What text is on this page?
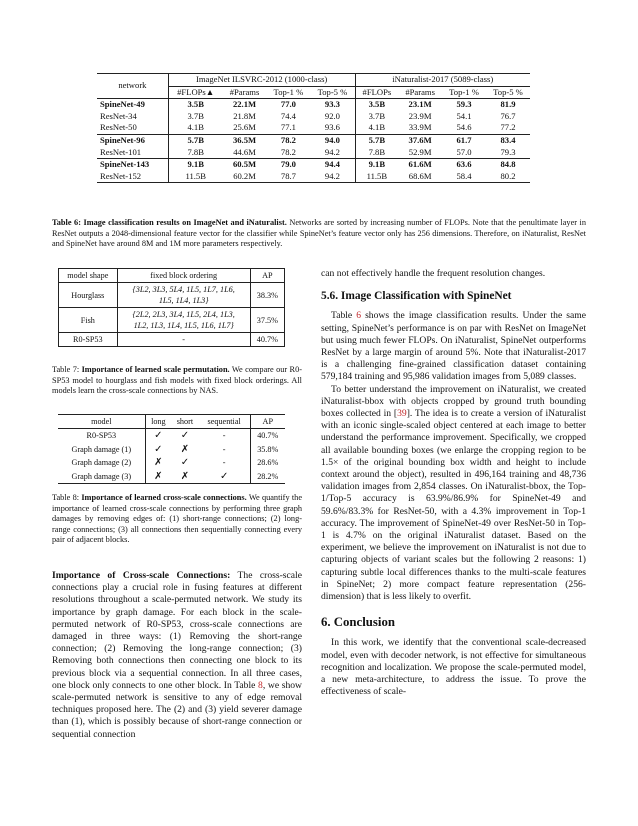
network	ImageNet ILSVRC-2012 (1000-class)				iNaturalist-2017 (5089-class)			
	#FLOPs▲	#Params	Top-1 %	Top-5 %	#FLOPs	#Params	Top-1 %	Top-5 %
SpineNet-49	3.5B	22.1M	77.0	93.3	3.5B	23.1M	59.3	81.9
ResNet-34	3.7B	21.8M	74.4	92.0	3.7B	23.9M	54.1	76.7
ResNet-50	4.1B	25.6M	77.1	93.6	4.1B	33.9M	54.6	77.2
SpineNet-96	5.7B	36.5M	78.2	94.0	5.7B	37.6M	61.7	83.4
ResNet-101	7.8B	44.6M	78.2	94.2	7.8B	52.9M	57.0	79.3
SpineNet-143	9.1B	60.5M	79.0	94.4	9.1B	61.6M	63.6	84.8
ResNet-152	11.5B	60.2M	78.7	94.2	11.5B	68.6M	58.4	80.2
Table 6: Image classification results on ImageNet and iNaturalist. Networks are sorted by increasing number of FLOPs. Note that the penultimate layer in ResNet outputs a 2048-dimensional feature vector for the classifier while SpineNet’s feature vector only has 256 dimensions. Therefore, on iNaturalist, ResNet and SpineNet have around 8M and 1M more parameters respectively.
model shape	fixed block ordering	AP
Hourglass	{3L2, 3L3, 5L4, 1L5, 1L7, 1L6,
1L5, 1L4, 1L3}	38.3%
Fish	{2L2, 2L3, 3L4, 1L5, 2L4, 1L3,
1L2, 1L3, 1L4, 1L5, 1L6, 1L7}	37.5%
R0-SP53	-	40.7%
Table 7: Importance of learned scale permutation. We compare our R0-SP53 model to hourglass and fish models with fixed block orderings. All models learn the cross-scale connections by NAS.
model	long	short	sequential	AP
R0-SP53	✓	✓	-	40.7%
Graph damage (1)	✓	✗	-	35.8%
Graph damage (2)	✗	✓	-	28.6%
Graph damage (3)	✗	✗	✓	28.2%
Table 8: Importance of learned cross-scale connections. We quantify the importance of learned cross-scale connections by performing three graph damages by removing edges of: (1) short-range connections; (2) long-range connections; (3) all connections then sequentially connecting every pair of adjacent blocks.
Importance of Cross-scale Connections: The cross-scale connections play a crucial role in fusing features at different resolutions throughout a scale-permuted network. We study its importance by graph damage. For each block in the scale-permuted network of R0-SP53, cross-scale connections are damaged in three ways: (1) Removing the short-range connection; (2) Removing the long-range connection; (3) Removing both connections then connecting one block to its previous block via a sequential connection. In all three cases, one block only connects to one other block. In Table 8, we show scale-permuted network is sensitive to any of edge removal techniques proposed here. The (2) and (3) yield severer damage than (1), which is possibly because of short-range connection or sequential connection
can not effectively handle the frequent resolution changes.
5.6. Image Classification with SpineNet
Table 6 shows the image classification results. Under the same setting, SpineNet’s performance is on par with ResNet on ImageNet but using much fewer FLOPs. On iNaturalist, SpineNet outperforms ResNet by a large margin of around 5%. Note that iNaturalist-2017 is a challenging fine-grained classification dataset containing 579,184 training and 95,986 validation images from 5,089 classes.
To better understand the improvement on iNaturalist, we created iNaturalist-bbox with objects cropped by ground truth bounding boxes collected in [39]. The idea is to create a version of iNaturalist with an iconic single-scaled object centered at each image to better understand the performance improvement. Specifically, we cropped all available bounding boxes (we enlarge the cropping region to be 1.5× of the original bounding box width and height to include context around the object), resulted in 496,164 training and 48,736 validation images from 2,854 classes. On iNaturalist-bbox, the Top-1/Top-5 accuracy is 63.9%/86.9% for SpineNet-49 and 59.6%/83.3% for ResNet-50, with a 4.3% improvement in Top-1 accuracy. The improvement of SpineNet-49 over ResNet-50 in Top-1 is 4.7% on the original iNaturalist dataset. Based on the experiment, we believe the improvement on iNaturalist is not due to capturing objects of variant scales but the following 2 reasons: 1) capturing subtle local differences thanks to the multi-scale features in SpineNet; 2) more compact feature representation (256-dimension) that is less likely to overfit.
6. Conclusion
In this work, we identify that the conventional scale-decreased model, even with decoder network, is not effective for simultaneous recognition and localization. We propose the scale-permuted model, a new meta-architecture, to address the issue. To prove the effectiveness of scale-
